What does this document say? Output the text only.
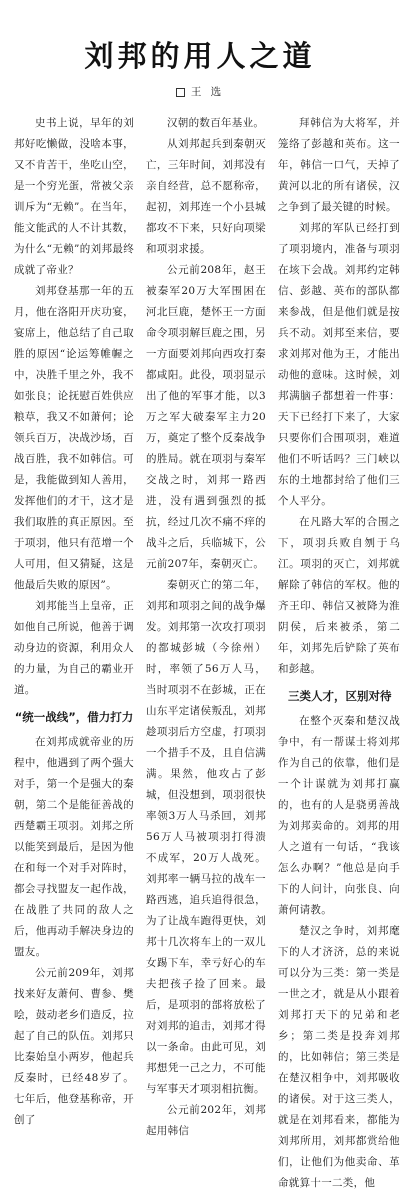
刘邦的用人之道
王 选

史书上说，早年的刘邦好吃懒做，没啥本事，又不肯苦干，坐吃山空，是一个穷光蛋，常被父亲训斥为“无赖”。在当年，能文能武的人不计其数，为什么“无赖”的刘邦最终成就了帝业？

刘邦登基那一年的五月，他在洛阳开庆功宴，宴席上，他总结了自己取胜的原因“论运筹帷幄之中，决胜千里之外，我不如张良；论抚慰百姓供应粮草，我又不如萧何；论领兵百万，决战沙场，百战百胜，我不如韩信。可是，我能做到知人善用，发挥他们的才干，这才是我们取胜的真正原因。至于项羽，他只有范增一个人可用，但又猜疑，这是他最后失败的原因”。

刘邦能当上皇帝，正如他自己所说，他善于调动身边的资源，利用众人的力量，为自己的霸业开道。

“统一战线”，借力打力

在刘邦成就帝业的历程中，他遇到了两个强大对手，第一个是强大的秦朝，第二个是能征善战的西楚霸王项羽。刘邦之所以能笑到最后，是因为他在和每一个对手对阵时，都会寻找盟友一起作战，在战胜了共同的敌人之后，他再动手解决身边的盟友。

公元前209年，刘邦找来好友萧何、曹参、樊哙，鼓动老乡们造反，拉起了自己的队伍。刘邦只比秦始皇小两岁，他起兵反秦时，已经48岁了。七年后，他登基称帝，开创了

汉朝的数百年基业。

从刘邦起兵到秦朝灭亡，三年时间，刘邦没有亲自经营，总不愿称帝，起初，刘邦连一个小县城都攻不下来，只好向项梁和项羽求援。

公元前208年，赵王被秦军20万大军围困在河北巨鹿，楚怀王一方面命令项羽解巨鹿之围，另一方面要刘邦向西攻打秦都咸阳。此役，项羽显示出了他的军事才能，以3万之军大破秦军主力20万，奠定了整个反秦战争的胜局。就在项羽与秦军交战之时，刘邦一路西进，没有遇到强烈的抵抗，经过几次不痛不痒的战斗之后，兵临城下，公元前207年，秦朝灭亡。

秦朝灭亡的第二年，刘邦和项羽之间的战争爆发。刘邦第一次攻打项羽的都城彭城（今徐州）时，率领了56万人马，当时项羽不在彭城，正在山东平定诸侯叛乱，刘邦趁项羽后方空虚，打项羽一个措手不及，且自信满满。果然，他攻占了彭城，但没想到，项羽很快率领3万人马杀回，刘邦56万人马被项羽打得溃不成军，20万人战死。刘邦率一辆马拉的战车一路西逃，追兵追得很急，为了让战车跑得更快，刘邦十几次将车上的一双儿女踢下车，幸亏好心的车夫把孩子捡了回来。最后，是项羽的部将放松了对刘邦的追击，刘邦才得以一条命。由此可见，刘邦想凭一己之力，不可能与军事天才项羽相抗衡。

公元前202年，刘邦起用韩信

拜韩信为大将军，并笼络了彭越和英布。这一年，韩信一口气，天掉了黄河以北的所有诸侯，汉之争到了最关键的时候。

刘邦的军队已经打到了项羽境内，准备与项羽在垓下会战。刘邦约定韩信、彭越、英布的部队都来参战，但是他们就是按兵不动。刘邦至来信，要求刘邦对他为王，才能出动他的意味。这时候，刘邦满脑子都想着一件事：天下已经打下来了，大家只要你们合围项羽，难道他们不听话吗？三门峡以东的土地都封给了他们三个人平分。

在凡路大军的合围之下，项羽兵败自刎于乌江。项羽的灭亡，刘邦就解除了韩信的军权。他的齐王印、韩信又被降为淮阴侯，后来被杀，第二年，刘邦先后铲除了英布和彭越。

三类人才，区别对待

在整个灭秦和楚汉战争中，有一帮谋士将刘邦作为自己的依靠，他们是一个计谋就为刘邦打赢的，也有的人是骁勇善战为刘邦卖命的。刘邦的用人之道有一句话，“我该怎么办啊？”他总是向手下的人问计，向张良、向萧何请教。

楚汉之争时，刘邦麾下的人才济济，总的来说可以分为三类：第一类是一世之才，就是从小跟着刘邦打天下的兄弟和老乡；第二类是投奔刘邦的，比如韩信；第三类是在楚汉相争中，刘邦吸收的诸侯。对于这三类人，就是在刘邦看来，都能为刘邦所用，刘邦都赏给他们，让他们为他卖命、革命就算十一二类，他
